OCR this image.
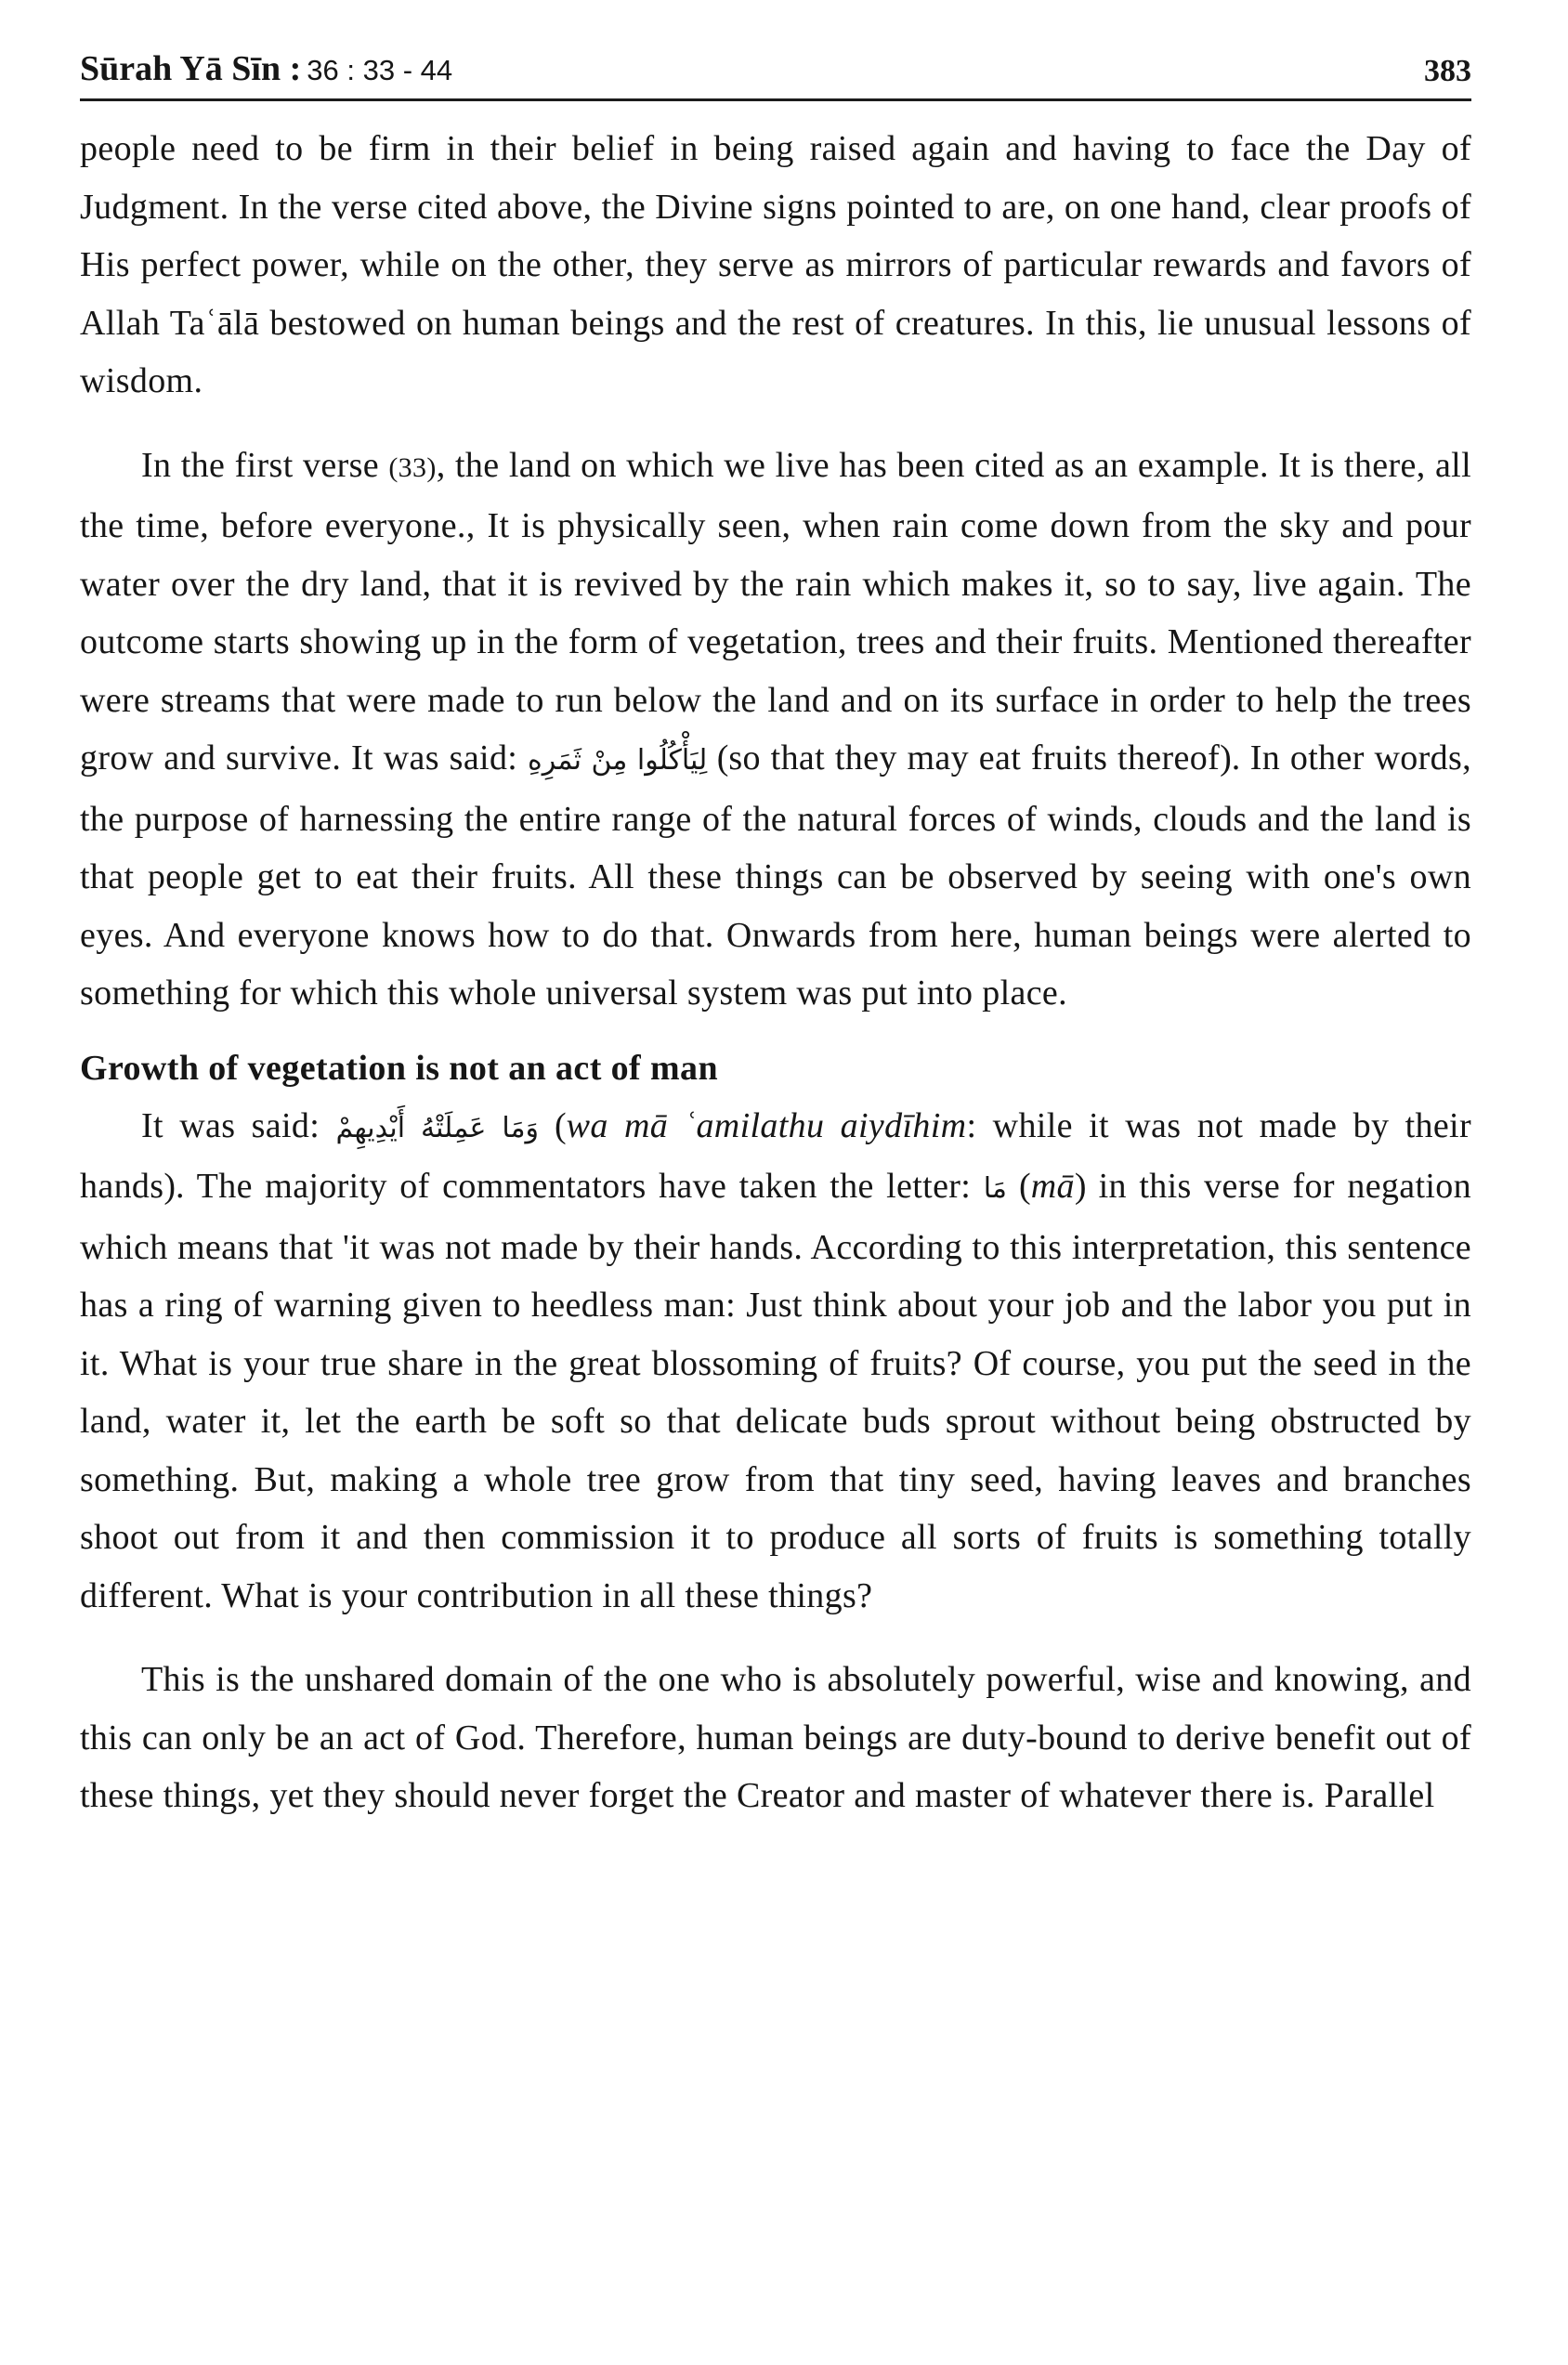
Sūrah Yā Sīn : 36 : 33 - 44	383

people need to be firm in their belief in being raised again and having to face the Day of Judgment. In the verse cited above, the Divine signs pointed to are, on one hand, clear proofs of His perfect power, while on the other, they serve as mirrors of particular rewards and favors of Allah Taʿālā bestowed on human beings and the rest of creatures. In this, lie unusual lessons of wisdom.

In the first verse (33), the land on which we live has been cited as an example. It is there, all the time, before everyone., It is physically seen, when rain come down from the sky and pour water over the dry land, that it is revived by the rain which makes it, so to say, live again. The outcome starts showing up in the form of vegetation, trees and their fruits. Mentioned thereafter were streams that were made to run below the land and on its surface in order to help the trees grow and survive. It was said: لِيَأْكُلُوا مِنْ ثَمَرِهِ (so that they may eat fruits thereof). In other words, the purpose of harnessing the entire range of the natural forces of winds, clouds and the land is that people get to eat their fruits. All these things can be observed by seeing with one's own eyes. And everyone knows how to do that. Onwards from here, human beings were alerted to something for which this whole universal system was put into place.

Growth of vegetation is not an act of man

It was said: وَمَا عَمِلَتْهُ أَيْدِيهِمْ (wa mā ʿamilathu aiydīhim: while it was not made by their hands). The majority of commentators have taken the letter: مَا (mā) in this verse for negation which means that 'it was not made by their hands. According to this interpretation, this sentence has a ring of warning given to heedless man: Just think about your job and the labor you put in it. What is your true share in the great blossoming of fruits? Of course, you put the seed in the land, water it, let the earth be soft so that delicate buds sprout without being obstructed by something. But, making a whole tree grow from that tiny seed, having leaves and branches shoot out from it and then commission it to produce all sorts of fruits is something totally different. What is your contribution in all these things?

This is the unshared domain of the one who is absolutely powerful, wise and knowing, and this can only be an act of God. Therefore, human beings are duty-bound to derive benefit out of these things, yet they should never forget the Creator and master of whatever there is. Parallel
